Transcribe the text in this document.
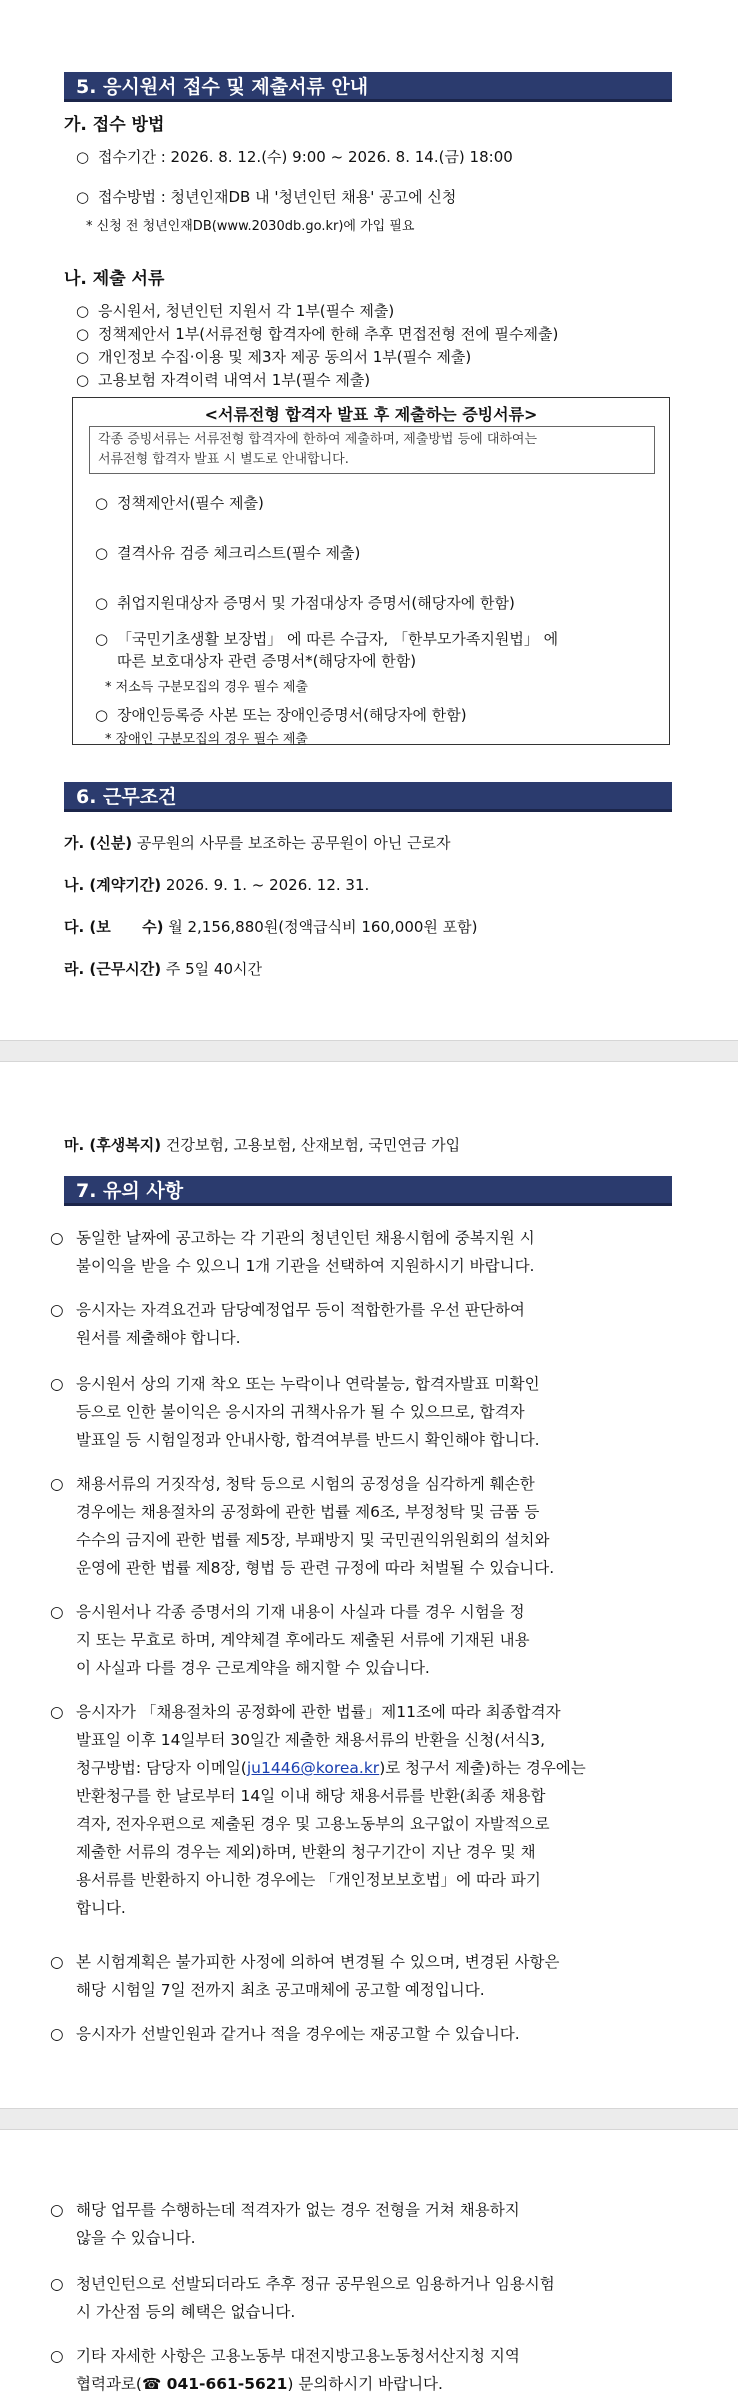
5. 응시원서 접수 및 제출서류 안내
가. 접수 방법
○ 접수기간 : 2026. 8. 12.(수) 9:00 ~ 2026. 8. 14.(금) 18:00
○ 접수방법 : 청년인재DB 내 '청년인턴 채용' 공고에 신청
* 신청 전 청년인재DB(www.2030db.go.kr)에 가입 필요
나. 제출 서류
○ 응시원서, 청년인턴 지원서 각 1부(필수 제출)
○ 정책제안서 1부(서류전형 합격자에 한해 추후 면접전형 전에 필수제출)
○ 개인정보 수집·이용 및 제3자 제공 동의서 1부(필수 제출)
○ 고용보험 자격이력 내역서 1부(필수 제출)
<서류전형 합격자 발표 후 제출하는 증빙서류>
각종 증빙서류는 서류전형 합격자에 한하여 제출하며, 제출방법 등에 대하여는
서류전형 합격자 발표 시 별도로 안내합니다.
○ 정책제안서(필수 제출)
○ 결격사유 검증 체크리스트(필수 제출)
○ 취업지원대상자 증명서 및 가점대상자 증명서(해당자에 한함)
○ 「국민기초생활 보장법」 에 따른 수급자, 「한부모가족지원법」 에
따른 보호대상자 관련 증명서*(해당자에 한함)
* 저소득 구분모집의 경우 필수 제출
○ 장애인등록증 사본 또는 장애인증명서(해당자에 한함)
* 장애인 구분모집의 경우 필수 제출
6. 근무조건
가. (신분) 공무원의 사무를 보조하는 공무원이 아닌 근로자
나. (계약기간) 2026. 9. 1. ~ 2026. 12. 31.
다. (보      수) 월 2,156,880원(정액급식비 160,000원 포함)
라. (근무시간) 주 5일 40시간
마. (후생복지) 건강보험, 고용보험, 산재보험, 국민연금 가입
7. 유의 사항
○ 동일한 날짜에 공고하는 각 기관의 청년인턴 채용시험에 중복지원 시
불이익을 받을 수 있으니 1개 기관을 선택하여 지원하시기 바랍니다.
○ 응시자는 자격요건과 담당예정업무 등이 적합한가를 우선 판단하여
원서를 제출해야 합니다.
○ 응시원서 상의 기재 착오 또는 누락이나 연락불능, 합격자발표 미확인
등으로 인한 불이익은 응시자의 귀책사유가 될 수 있으므로, 합격자
발표일 등 시험일정과 안내사항, 합격여부를 반드시 확인해야 합니다.
○ 채용서류의 거짓작성, 청탁 등으로 시험의 공정성을 심각하게 훼손한
경우에는 채용절차의 공정화에 관한 법률 제6조, 부정청탁 및 금품 등
수수의 금지에 관한 법률 제5장, 부패방지 및 국민권익위원회의 설치와
운영에 관한 법률 제8장, 형법 등 관련 규정에 따라 처벌될 수 있습니다.
○ 응시원서나 각종 증명서의 기재 내용이 사실과 다를 경우 시험을 정
지 또는 무효로 하며, 계약체결 후에라도 제출된 서류에 기재된 내용
이 사실과 다를 경우 근로계약을 해지할 수 있습니다.
○ 응시자가 「채용절차의 공정화에 관한 법률」제11조에 따라 최종합격자
발표일 이후 14일부터 30일간 제출한 채용서류의 반환을 신청(서식3,
청구방법: 담당자 이메일(ju1446@korea.kr)로 청구서 제출)하는 경우에는
반환청구를 한 날로부터 14일 이내 해당 채용서류를 반환(최종 채용합
격자, 전자우편으로 제출된 경우 및 고용노동부의 요구없이 자발적으로
제출한 서류의 경우는 제외)하며, 반환의 청구기간이 지난 경우 및 채
용서류를 반환하지 아니한 경우에는 「개인정보보호법」에 따라 파기
합니다.
○ 본 시험계획은 불가피한 사정에 의하여 변경될 수 있으며, 변경된 사항은
해당 시험일 7일 전까지 최초 공고매체에 공고할 예정입니다.
○ 응시자가 선발인원과 같거나 적을 경우에는 재공고할 수 있습니다.
○ 해당 업무를 수행하는데 적격자가 없는 경우 전형을 거쳐 채용하지
않을 수 있습니다.
○ 청년인턴으로 선발되더라도 추후 정규 공무원으로 임용하거나 임용시험
시 가산점 등의 혜택은 없습니다.
○ 기타 자세한 사항은 고용노동부 대전지방고용노동청서산지청 지역
협력과로(☎ 041-661-5621) 문의하시기 바랍니다.
